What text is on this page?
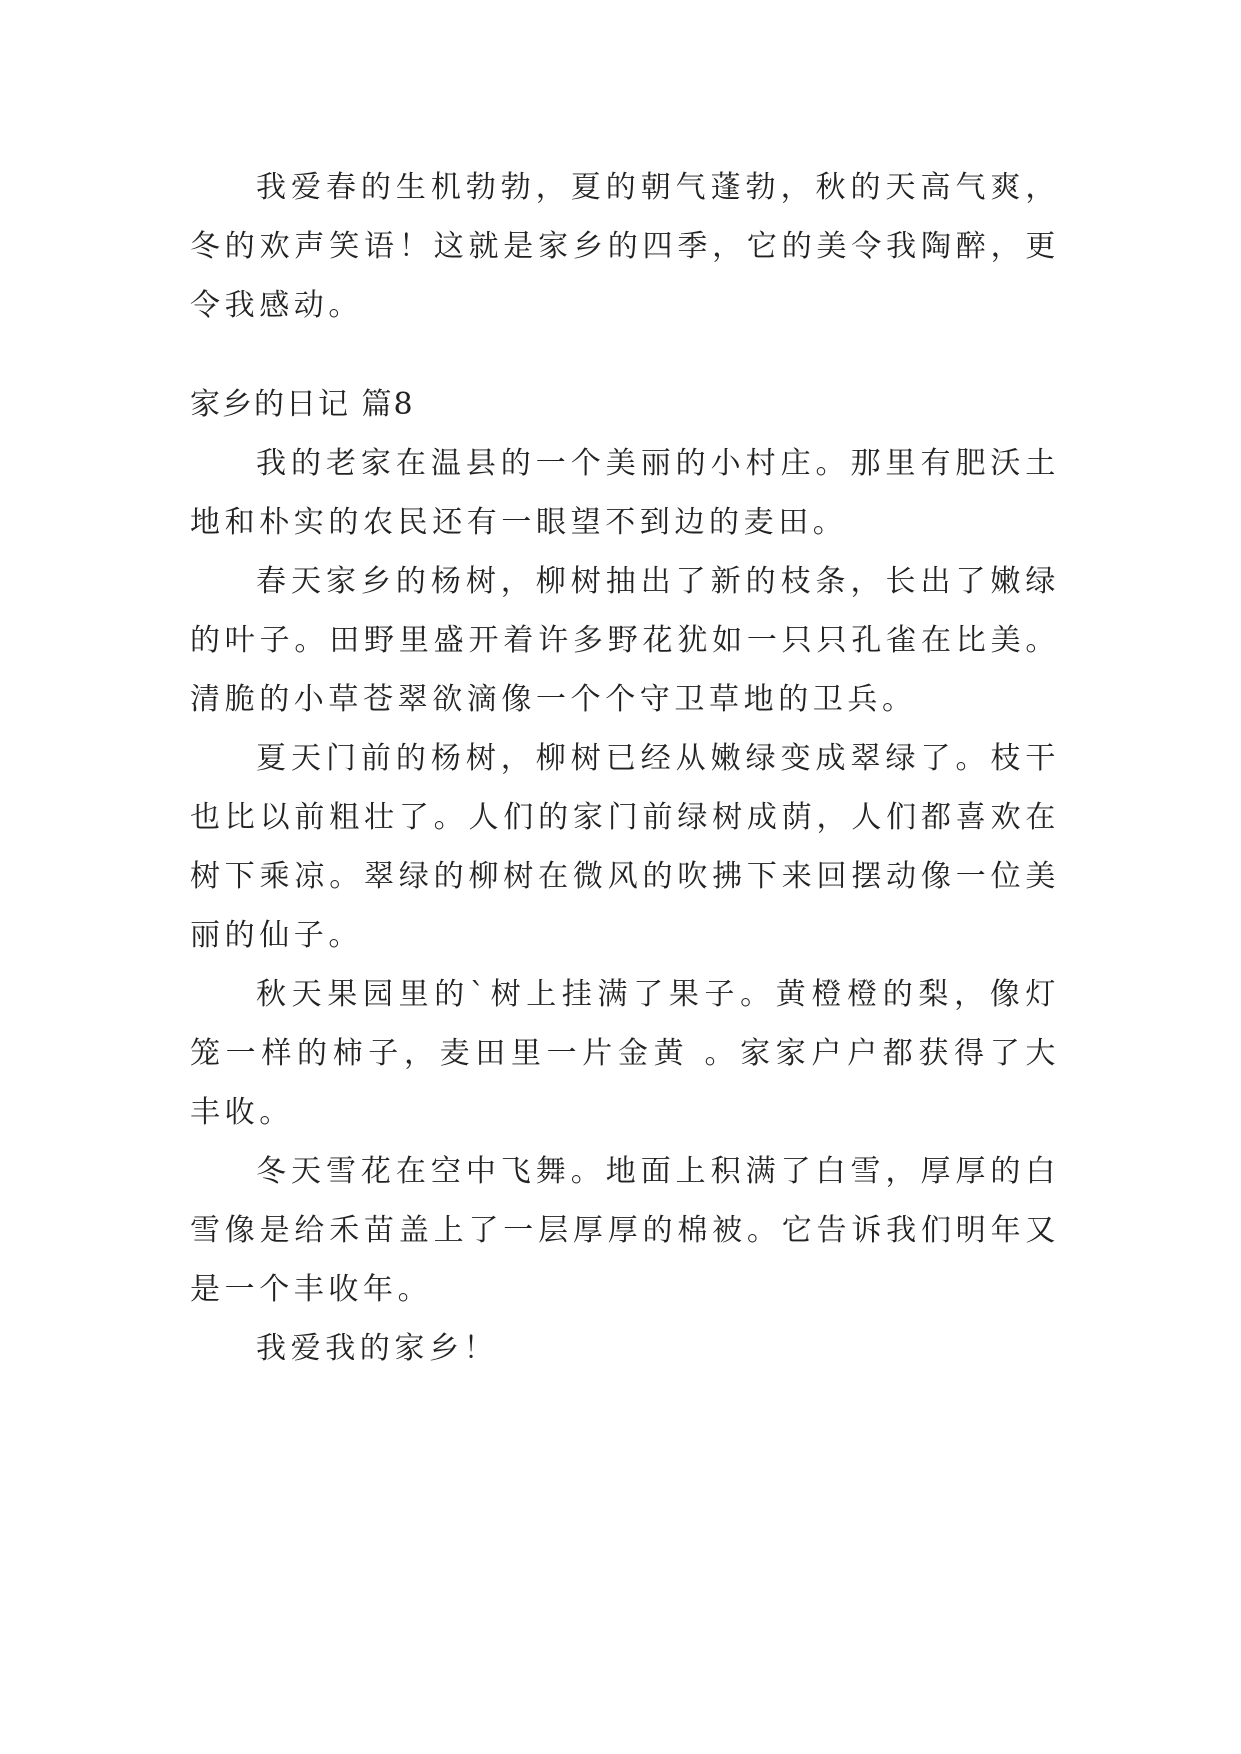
我爱春的生机勃勃，夏的朝气蓬勃，秋的天高气爽，冬的欢声笑语！这就是家乡的四季，它的美令我陶醉，更令我感动。

家乡的日记 篇8

我的老家在温县的一个美丽的小村庄。那里有肥沃土地和朴实的农民还有一眼望不到边的麦田。

春天家乡的杨树，柳树抽出了新的枝条，长出了嫩绿的叶子。田野里盛开着许多野花犹如一只只孔雀在比美。清脆的小草苍翠欲滴像一个个守卫草地的卫兵。

夏天门前的杨树，柳树已经从嫩绿变成翠绿了。枝干也比以前粗壮了。人们的家门前绿树成荫，人们都喜欢在树下乘凉。翠绿的柳树在微风的吹拂下来回摆动像一位美丽的仙子。

秋天果园里的`树上挂满了果子。黄橙橙的梨，像灯笼一样的柿子，麦田里一片金黄 。家家户户都获得了大丰收。

冬天雪花在空中飞舞。地面上积满了白雪，厚厚的白雪像是给禾苗盖上了一层厚厚的棉被。它告诉我们明年又是一个丰收年。

我爱我的家乡！
